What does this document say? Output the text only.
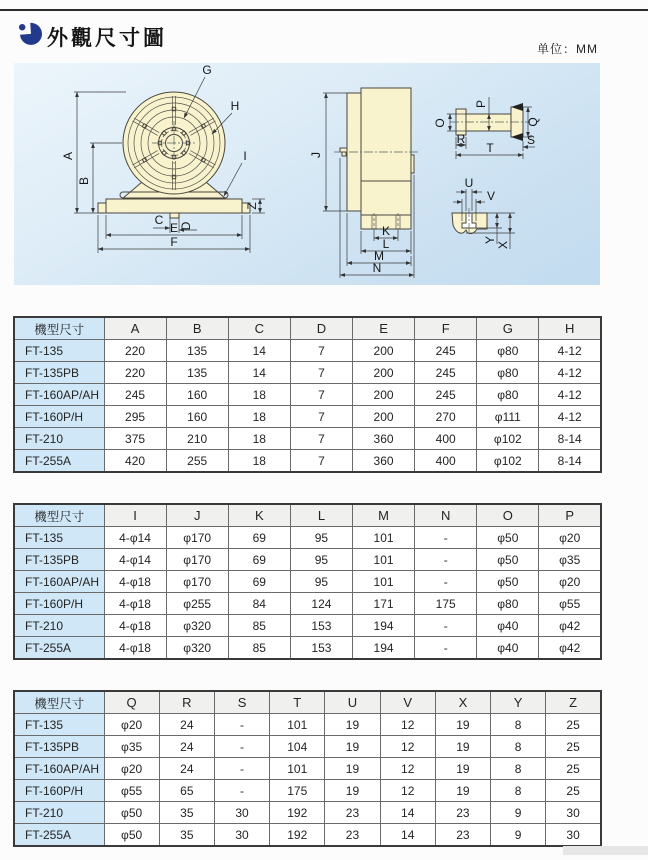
外觀尺寸圖	单位：MM
A
B
G
H
I
Z
C D
E
F
J
K
L
M
N
O
P
Q
R	S
T
U
V
Y
X
機型尺寸	A	B	C	D	E	F	G	H
FT-135	220	135	14	7	200	245	φ80	4-12
FT-135PB	220	135	14	7	200	245	φ80	4-12
FT-160AP/AH	245	160	18	7	200	245	φ80	4-12
FT-160P/H	295	160	18	7	200	270	φ111	4-12
FT-210	375	210	18	7	360	400	φ102	8-14
FT-255A	420	255	18	7	360	400	φ102	8-14
機型尺寸	I	J	K	L	M	N	O	P
FT-135	4-φ14	φ170	69	95	101	-	φ50	φ20
FT-135PB	4-φ14	φ170	69	95	101	-	φ50	φ35
FT-160AP/AH	4-φ18	φ170	69	95	101	-	φ50	φ20
FT-160P/H	4-φ18	φ255	84	124	171	175	φ80	φ55
FT-210	4-φ18	φ320	85	153	194	-	φ40	φ42
FT-255A	4-φ18	φ320	85	153	194	-	φ40	φ42
機型尺寸	Q	R	S	T	U	V	X	Y	Z
FT-135	φ20	24	-	101	19	12	19	8	25
FT-135PB	φ35	24	-	104	19	12	19	8	25
FT-160AP/AH	φ20	24	-	101	19	12	19	8	25
FT-160P/H	φ55	65	-	175	19	12	19	8	25
FT-210	φ50	35	30	192	23	14	23	9	30
FT-255A	φ50	35	30	192	23	14	23	9	30
